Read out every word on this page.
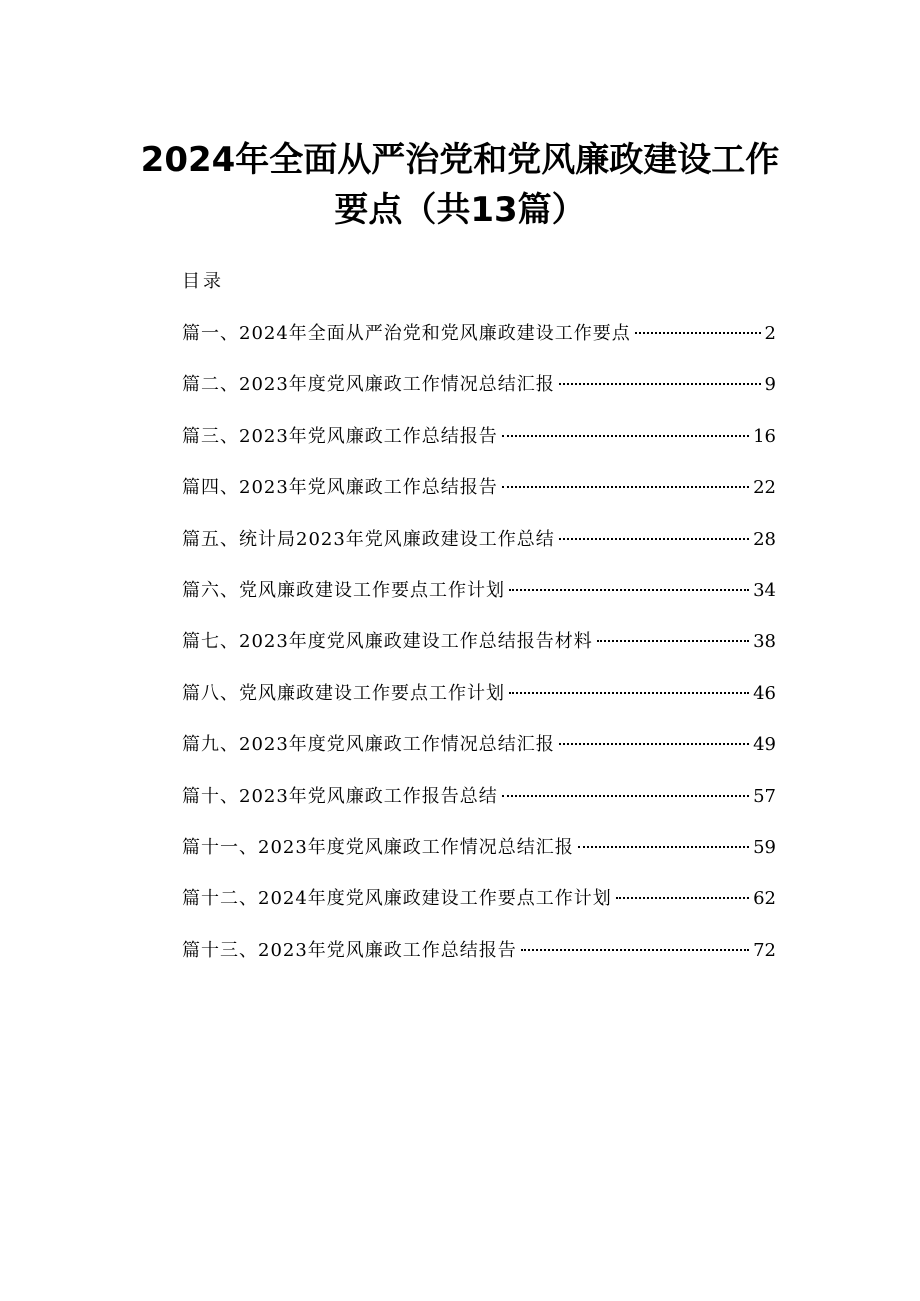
2024年全面从严治党和党风廉政建设工作
要点（共13篇）
目录
篇一、2024年全面从严治党和党风廉政建设工作要点	2
篇二、2023年度党风廉政工作情况总结汇报	9
篇三、2023年党风廉政工作总结报告	16
篇四、2023年党风廉政工作总结报告	22
篇五、统计局2023年党风廉政建设工作总结	28
篇六、党风廉政建设工作要点工作计划	34
篇七、2023年度党风廉政建设工作总结报告材料	38
篇八、党风廉政建设工作要点工作计划	46
篇九、2023年度党风廉政工作情况总结汇报	49
篇十、2023年党风廉政工作报告总结	57
篇十一、2023年度党风廉政工作情况总结汇报	59
篇十二、2024年度党风廉政建设工作要点工作计划	62
篇十三、2023年党风廉政工作总结报告	72
